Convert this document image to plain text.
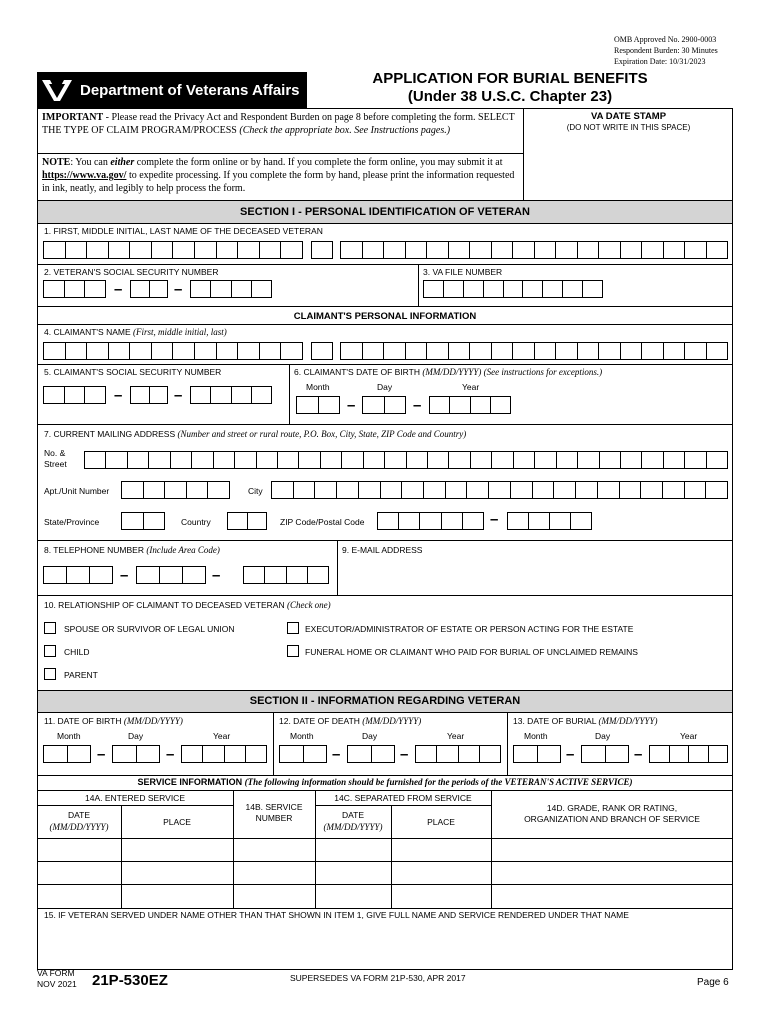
OMB Approved No. 2900-0003
Respondent Burden: 30 Minutes
Expiration Date: 10/31/2023
Department of Veterans Affairs
APPLICATION FOR BURIAL BENEFITS
(Under 38 U.S.C. Chapter 23)
IMPORTANT - Please read the Privacy Act and Respondent Burden on page 8 before completing the form. SELECT THE TYPE OF CLAIM PROGRAM/PROCESS (Check the appropriate box. See Instructions pages.)
NOTE: You can either complete the form online or by hand. If you complete the form online, you may submit it at https://www.va.gov/ to expedite processing. If you complete the form by hand, please print the information requested in ink, neatly, and legibly to help process the form.
VA DATE STAMP
(DO NOT WRITE IN THIS SPACE)
SECTION I - PERSONAL IDENTIFICATION OF VETERAN
1. FIRST, MIDDLE INITIAL, LAST NAME OF THE DECEASED VETERAN
2. VETERAN'S SOCIAL SECURITY NUMBER	3. VA FILE NUMBER
–	–
CLAIMANT'S PERSONAL INFORMATION
4. CLAIMANT'S NAME (First, middle initial, last)
5. CLAIMANT'S SOCIAL SECURITY NUMBER	6. CLAIMANT'S DATE OF BIRTH (MM/DD/YYYY) (See instructions for exceptions.)
–	–	Month	Day	Year
–	–
7. CURRENT MAILING ADDRESS (Number and street or rural route, P.O. Box, City, State, ZIP Code and Country)
No. &
Street
Apt./Unit Number	City
State/Province	Country	ZIP Code/Postal Code	–
8. TELEPHONE NUMBER (Include Area Code)	9. E-MAIL ADDRESS
–	–
10. RELATIONSHIP OF CLAIMANT TO DECEASED VETERAN (Check one)
SPOUSE OR SURVIVOR OF LEGAL UNION	EXECUTOR/ADMINISTRATOR OF ESTATE OR PERSON ACTING FOR THE ESTATE
CHILD	FUNERAL HOME OR CLAIMANT WHO PAID FOR BURIAL OF UNCLAIMED REMAINS
PARENT
SECTION II - INFORMATION REGARDING VETERAN
11. DATE OF BIRTH (MM/DD/YYYY)	12. DATE OF DEATH (MM/DD/YYYY)	13. DATE OF BURIAL (MM/DD/YYYY)
Month	Day	Year
–	–
Month	Day	Year
–	–
Month	Day	Year
–	–
SERVICE INFORMATION (The following information should be furnished for the periods of the VETERAN'S ACTIVE SERVICE)
14A. ENTERED SERVICE
DATE
(MM/DD/YYYY)	PLACE
14B. SERVICE
NUMBER
14C. SEPARATED FROM SERVICE
DATE
(MM/DD/YYYY)	PLACE
14D. GRADE, RANK OR RATING,
ORGANIZATION AND BRANCH OF SERVICE
15. IF VETERAN SERVED UNDER NAME OTHER THAN THAT SHOWN IN ITEM 1, GIVE FULL NAME AND SERVICE RENDERED UNDER THAT NAME
VA FORM
NOV 2021 21P-530EZ	SUPERSEDES VA FORM 21P-530, APR 2017	Page 6
